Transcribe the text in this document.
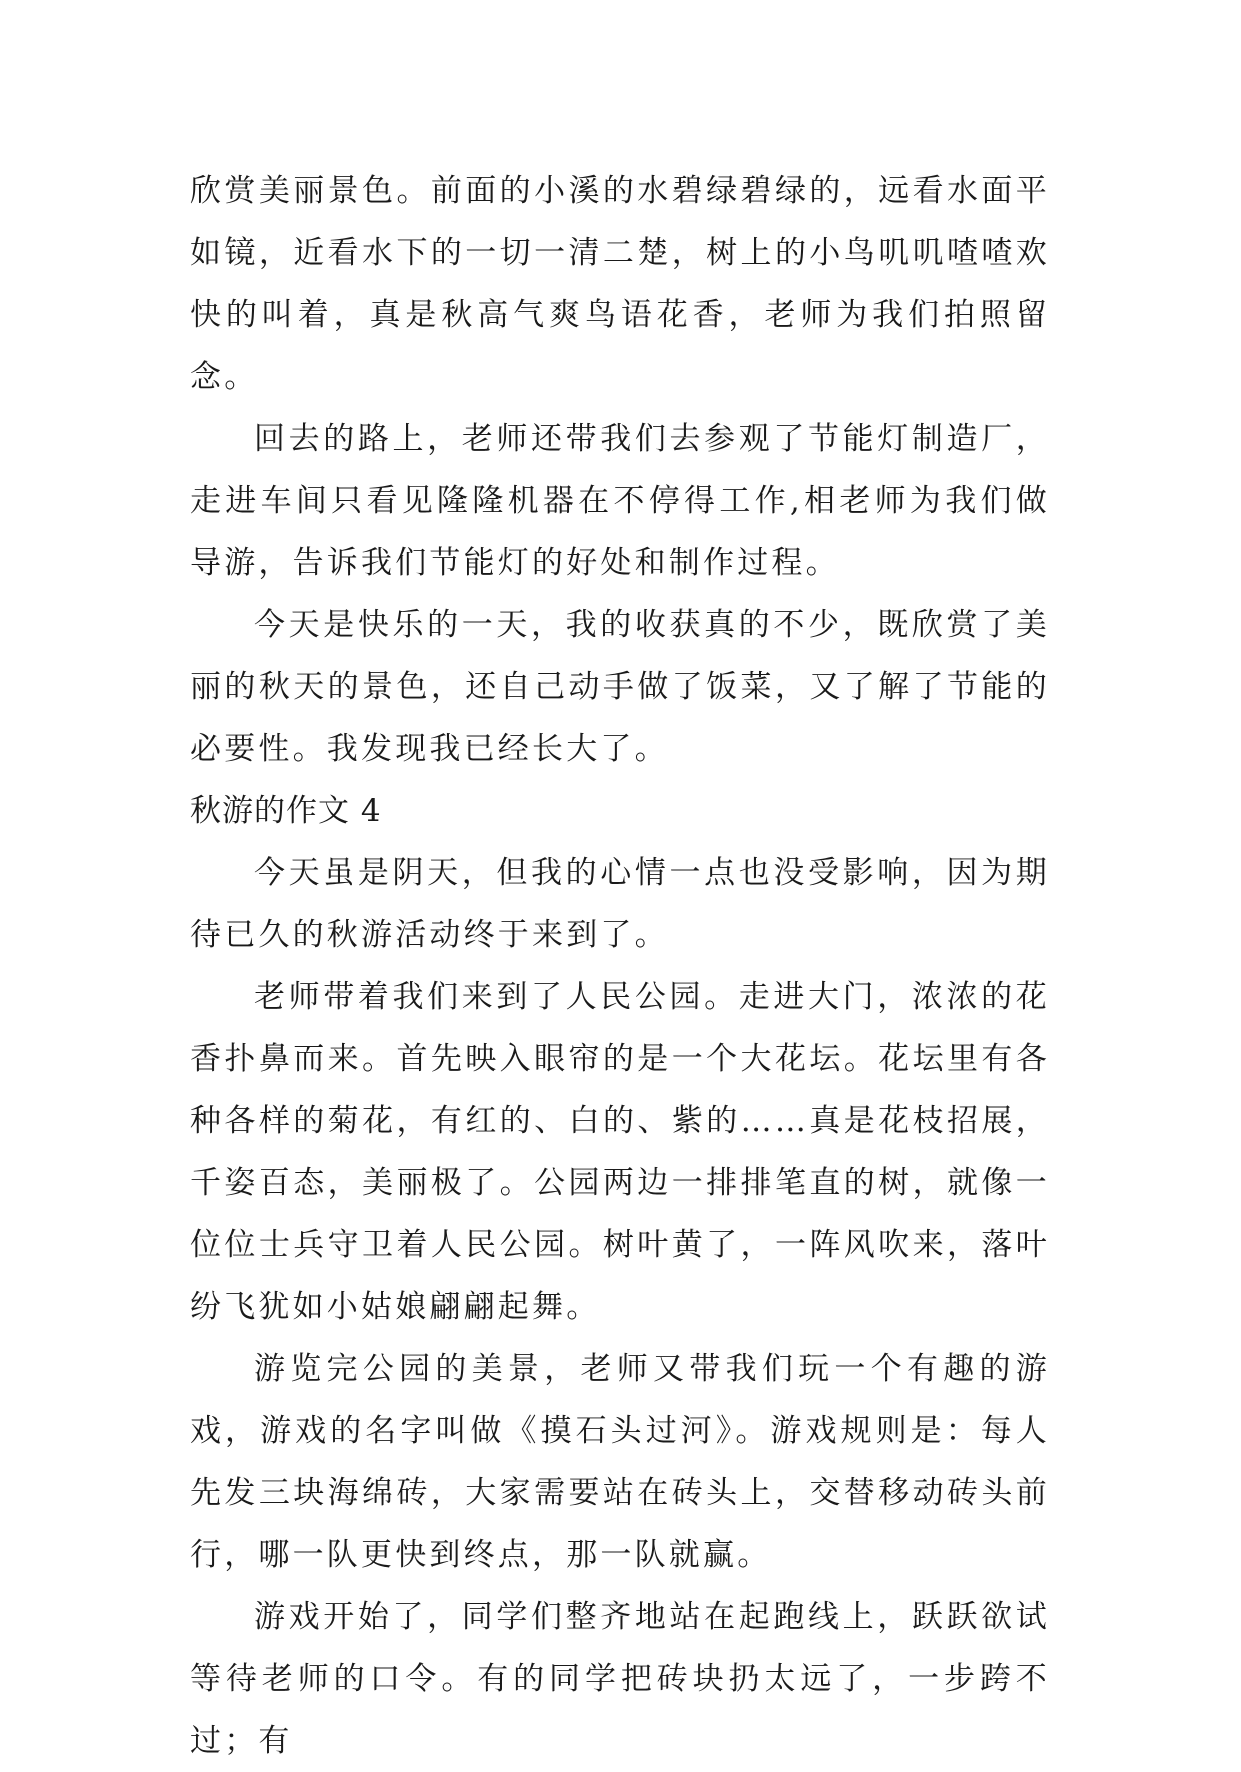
欣赏美丽景色。前面的小溪的水碧绿碧绿的，远看水面平如镜，近看水下的一切一清二楚，树上的小鸟叽叽喳喳欢快的叫着，真是秋高气爽鸟语花香，老师为我们拍照留念。

回去的路上，老师还带我们去参观了节能灯制造厂，走进车间只看见隆隆机器在不停得工作,相老师为我们做导游，告诉我们节能灯的好处和制作过程。

今天是快乐的一天，我的收获真的不少，既欣赏了美丽的秋天的景色，还自己动手做了饭菜，又了解了节能的必要性。我发现我已经长大了。

秋游的作文 4

今天虽是阴天，但我的心情一点也没受影响，因为期待已久的秋游活动终于来到了。

老师带着我们来到了人民公园。走进大门，浓浓的花香扑鼻而来。首先映入眼帘的是一个大花坛。花坛里有各种各样的菊花，有红的、白的、紫的……真是花枝招展，千姿百态，美丽极了。公园两边一排排笔直的树，就像一位位士兵守卫着人民公园。树叶黄了，一阵风吹来，落叶纷飞犹如小姑娘翩翩起舞。

游览完公园的美景，老师又带我们玩一个有趣的游戏，游戏的名字叫做《摸石头过河》。游戏规则是：每人先发三块海绵砖，大家需要站在砖头上，交替移动砖头前行，哪一队更快到终点，那一队就赢。

游戏开始了，同学们整齐地站在起跑线上，跃跃欲试等待老师的口令。有的同学把砖块扔太远了，一步跨不过；有
